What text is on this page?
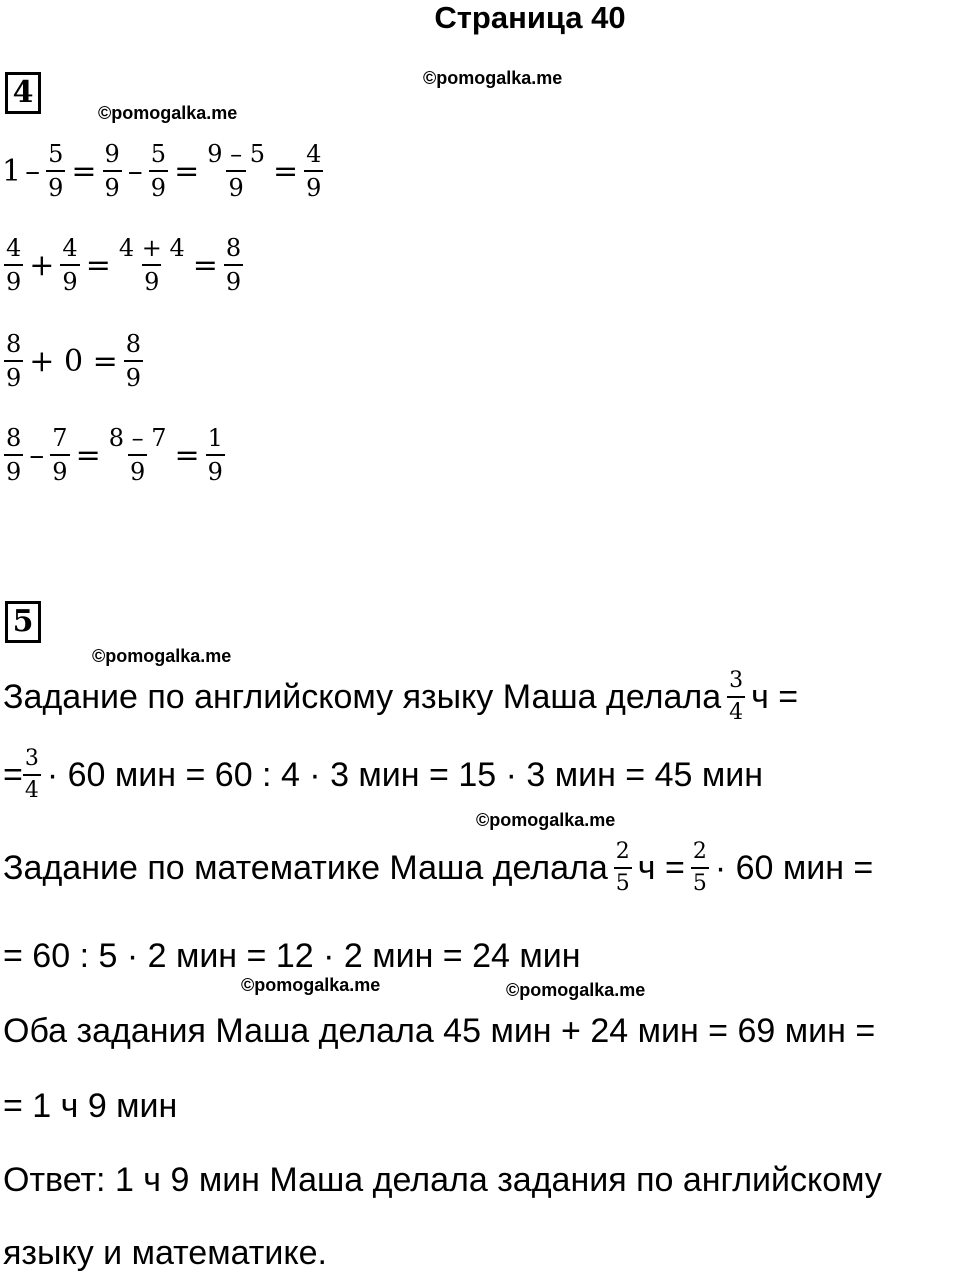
Страница 40
©pomogalka.me
©pomogalka.me
©pomogalka.me
©pomogalka.me
©pomogalka.me	©pomogalka.me
4
$1 - \frac{5}{9} = \frac{9}{9} - \frac{5}{9} = \frac{9 - 5}{9} = \frac{4}{9}$
$\frac{4}{9} + \frac{4}{9} = \frac{4 + 4}{9} = \frac{8}{9}$
$\frac{8}{9} + 0 = \frac{8}{9}$
$\frac{8}{9} - \frac{7}{9} = \frac{8 - 7}{9} = \frac{1}{9}$
5
Задание по английскому языку Маша делала $\frac{3}{4}$ ч =
= $\frac{3}{4} \cdot 60$ мин = 60 : 4 · 3 мин = 15 · 3 мин = 45 мин
Задание по математике Маша делала $\frac{2}{5}$ $ч = \frac{2}{5} \cdot 60$ мин =
= 60 : 5 · 2 мин = 12 · 2 мин = 24 мин
Оба задания Маша делала 45 мин + 24 мин = 69 мин =
= 1 ч 9 мин
Ответ: 1 ч 9 мин Маша делала задания по английскому
языку и математике.
